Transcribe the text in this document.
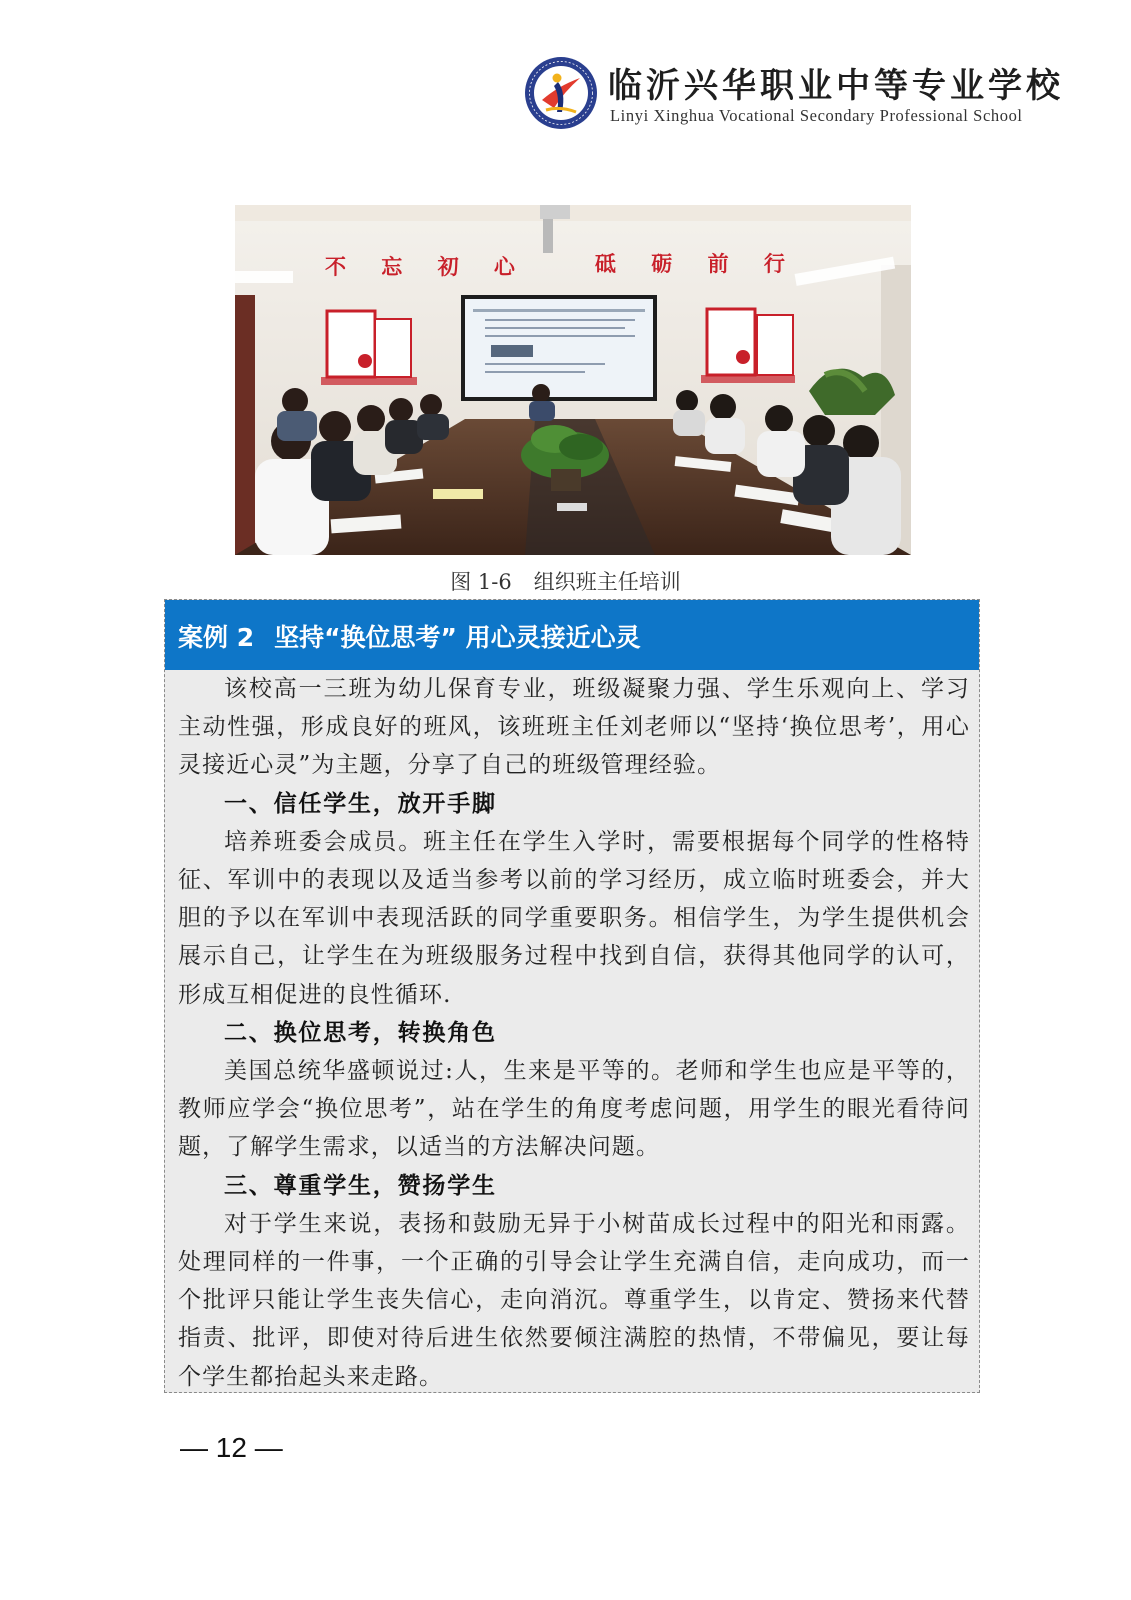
临沂兴华职业中等专业学校
Linyi Xinghua Vocational Secondary Professional School
不 忘 初 心	砥 砺 前 行
图 1-6 组织班主任培训
案例 2 坚持“换位思考” 用心灵接近心灵

该校高一三班为幼儿保育专业，班级凝聚力强、学生乐观向上、学习主动性强，形成良好的班风，该班班主任刘老师以“坚持‘换位思考’，用心灵接近心灵”为主题，分享了自己的班级管理经验。

一、信任学生，放开手脚

培养班委会成员。班主任在学生入学时，需要根据每个同学的性格特征、军训中的表现以及适当参考以前的学习经历，成立临时班委会，并大胆的予以在军训中表现活跃的同学重要职务。相信学生，为学生提供机会展示自己，让学生在为班级服务过程中找到自信，获得其他同学的认可，形成互相促进的良性循环.

二、换位思考，转换角色

美国总统华盛顿说过:人，生来是平等的。老师和学生也应是平等的，教师应学会“换位思考”，站在学生的角度考虑问题，用学生的眼光看待问题，了解学生需求，以适当的方法解决问题。

三、尊重学生，赞扬学生

对于学生来说，表扬和鼓励无异于小树苗成长过程中的阳光和雨露。处理同样的一件事，一个正确的引导会让学生充满自信，走向成功，而一个批评只能让学生丧失信心，走向消沉。尊重学生，以肯定、赞扬来代替指责、批评，即使对待后进生依然要倾注满腔的热情，不带偏见，要让每个学生都抬起头来走路。

— 12 —
